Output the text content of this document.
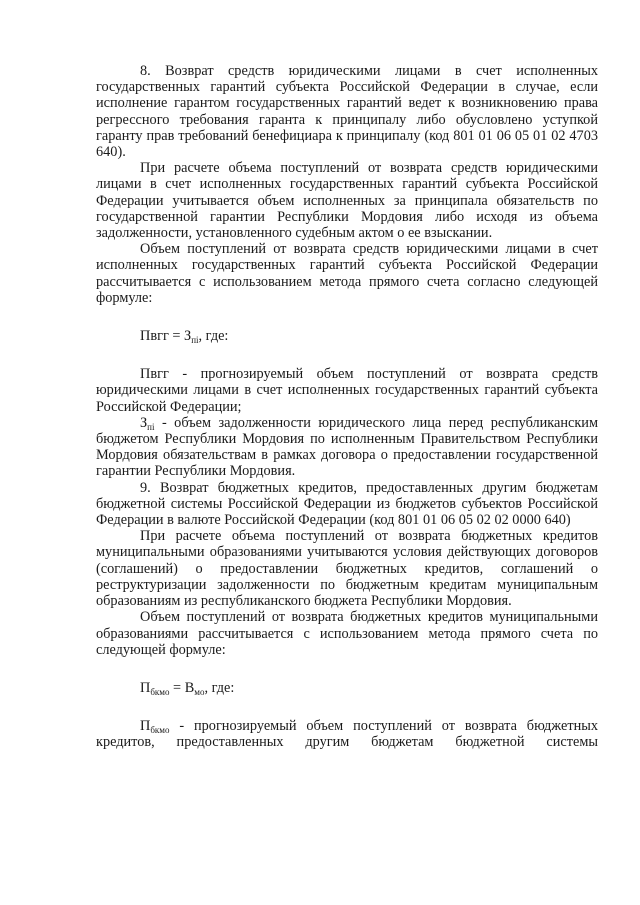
8. Возврат средств юридическими лицами в счет исполненных государственных гарантий субъекта Российской Федерации в случае, если исполнение гарантом государственных гарантий ведет к возникновению права регрессного требования гаранта к принципалу либо обусловлено уступкой гаранту прав требований бенефициара к принципалу (код 801 01 06 05 01 02 4703 640).

При расчете объема поступлений от возврата средств юридическими лицами в счет исполненных государственных гарантий субъекта Российской Федерации учитывается объем исполненных за принципала обязательств по государственной гарантии Республики Мордовия либо исходя из объема задолженности, установленного судебным актом о ее взыскании.

Объем поступлений от возврата средств юридическими лицами в счет исполненных государственных гарантий субъекта Российской Федерации рассчитывается с использованием метода прямого счета согласно следующей формуле:

Пвгг = $З_{пi}$, где:

Пвгг - прогнозируемый объем поступлений от возврата средств юридическими лицами в счет исполненных государственных гарантий субъекта Российской Федерации;

$З_{пi}$ - объем задолженности юридического лица перед республиканским бюджетом Республики Мордовия по исполненным Правительством Республики Мордовия обязательствам в рамках договора о предоставлении государственной гарантии Республики Мордовия.

9. Возврат бюджетных кредитов, предоставленных другим бюджетам бюджетной системы Российской Федерации из бюджетов субъектов Российской Федерации в валюте Российской Федерации (код 801 01 06 05 02 02 0000 640)

При расчете объема поступлений от возврата бюджетных кредитов муниципальными образованиями учитываются условия действующих договоров (соглашений) о предоставлении бюджетных кредитов, соглашений о реструктуризации задолженности по бюджетным кредитам муниципальным образованиям из республиканского бюджета Республики Мордовия.

Объем поступлений от возврата бюджетных кредитов муниципальными образованиями рассчитывается с использованием метода прямого счета по следующей формуле:

$П_{бкмо} = В_{мо}$, где:

$П_{бкмо}$ - прогнозируемый объем поступлений от возврата бюджетных кредитов, предоставленных другим бюджетам бюджетной системы
